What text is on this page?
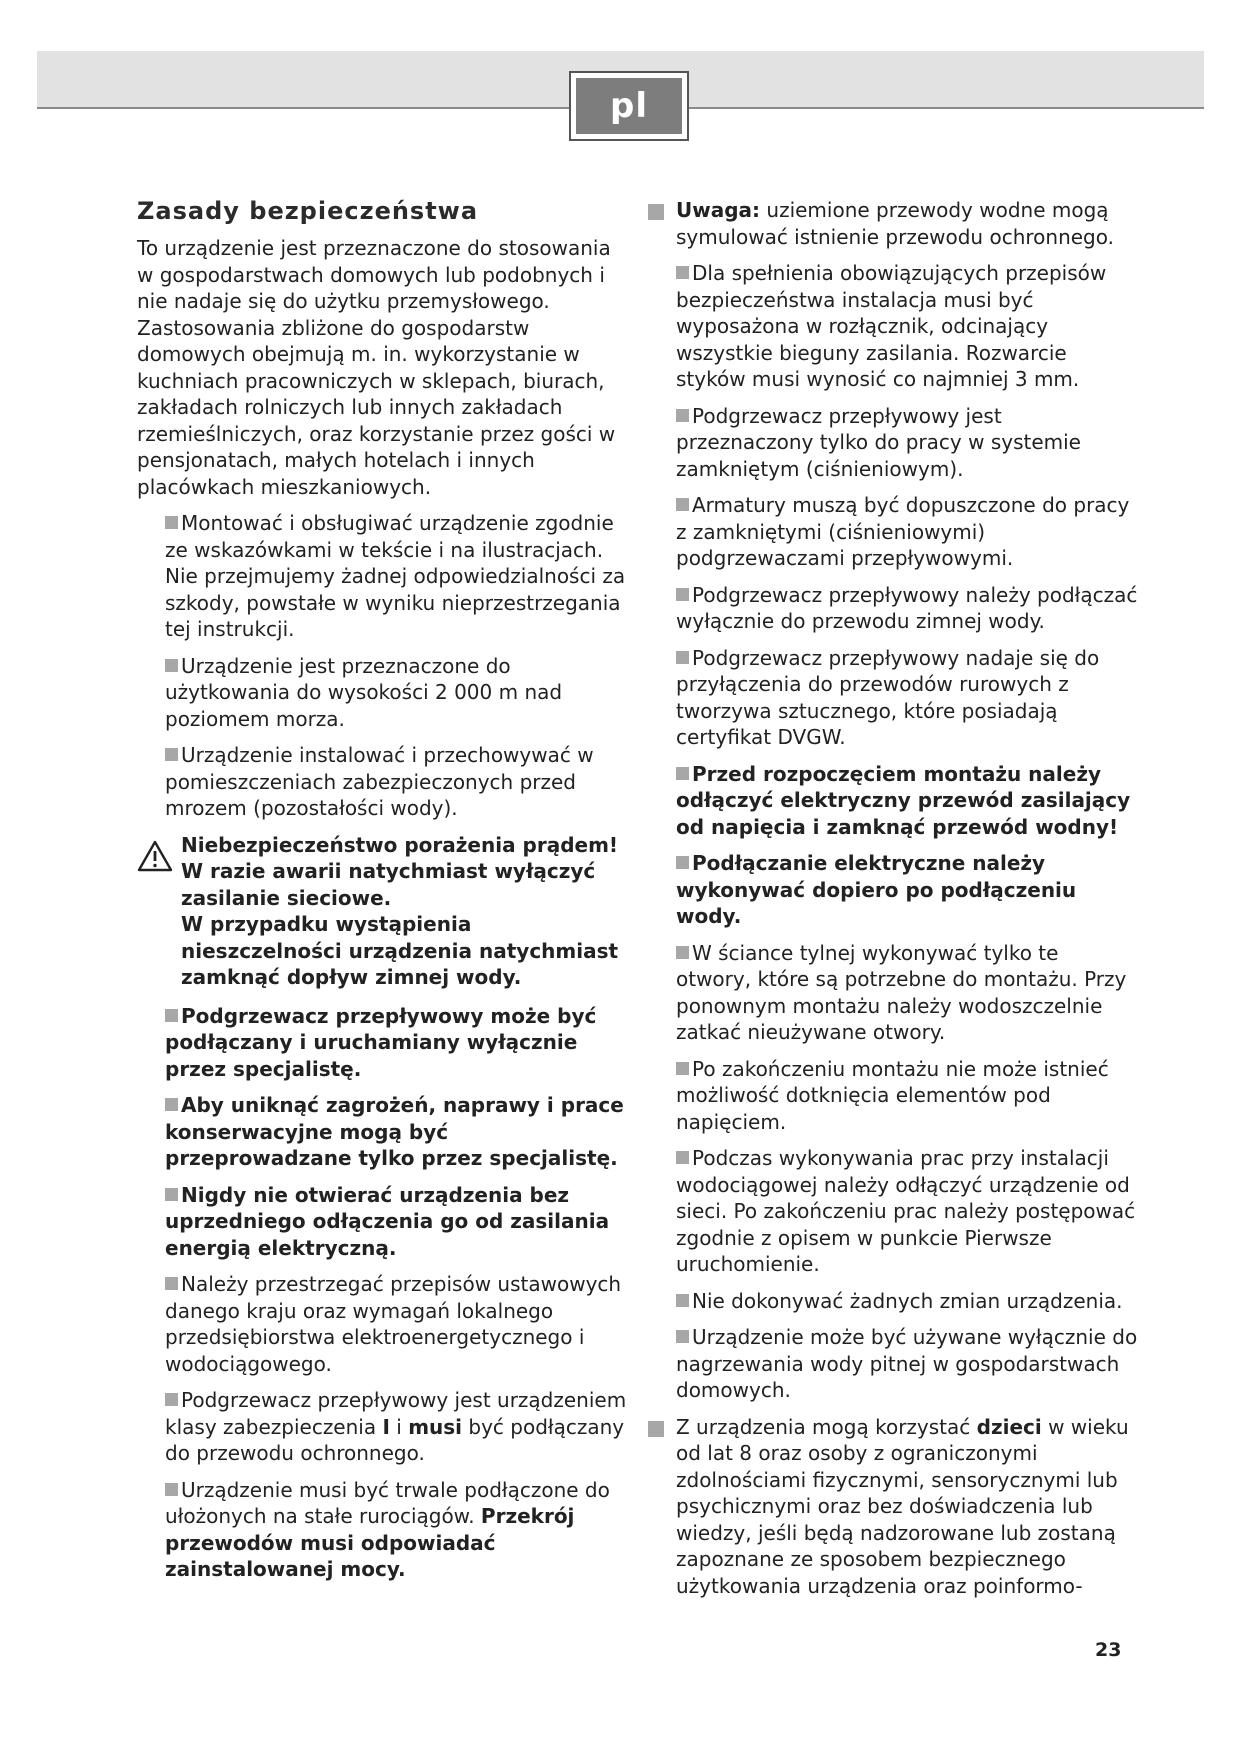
pl
Zasady bezpieczeństwa

To urządzenie jest przeznaczone do stosowania w gospodarstwach domowych lub podobnych i nie nadaje się do użytku przemysłowego. Zastosowania zbliżone do gospodarstw domowych obejmują m. in. wykorzystanie w kuchniach pracowniczych w sklepach, biurach, zakładach rolniczych lub innych zakładach rzemieślniczych, oraz korzystanie przez gości w pensjonatach, małych hotelach i innych placówkach mieszkaniowych.

Montować i obsługiwać urządzenie zgodnie ze wskazówkami w tekście i na ilustracjach. Nie przejmujemy żadnej odpowiedzialności za szkody, powstałe w wyniku nieprzestrzegania tej instrukcji.

Urządzenie jest przeznaczone do użytkowania do wysokości 2 000 m nad poziomem morza.

Urządzenie instalować i przechowywać w pomieszczeniach zabezpieczonych przed mrozem (pozostałości wody).

Niebezpieczeństwo porażenia prądem!

W razie awarii natychmiast wyłączyć zasilanie sieciowe.

W przypadku wystąpienia nieszczelności urządzenia natychmiast zamknąć dopływ zimnej wody.

Podgrzewacz przepływowy może być podłączany i uruchamiany wyłącznie przez specjalistę.

Aby uniknąć zagrożeń, naprawy i prace konserwacyjne mogą być przeprowadzane tylko przez specjalistę.

Nigdy nie otwierać urządzenia bez uprzedniego odłączenia go od zasilania energią elektryczną.

Należy przestrzegać przepisów ustawowych danego kraju oraz wymagań lokalnego przedsiębiorstwa elektroenergetycznego i wodociągowego.

Podgrzewacz przepływowy jest urządzeniem klasy zabezpieczenia I i musi być podłączany do przewodu ochronnego.

Urządzenie musi być trwale podłączone do ułożonych na stałe rurociągów. Przekrój przewodów musi odpowiadać zainstalowanej mocy.

Uwaga: uziemione przewody wodne mogą symulować istnienie przewodu ochronnego.

Dla spełnienia obowiązujących przepisów bezpieczeństwa instalacja musi być wyposażona w rozłącznik, odcinający wszystkie bieguny zasilania. Rozwarcie styków musi wynosić co najmniej 3 mm.

Podgrzewacz przepływowy jest przeznaczony tylko do pracy w systemie zamkniętym (ciśnieniowym).

Armatury muszą być dopuszczone do pracy z zamkniętymi (ciśnieniowymi) podgrzewaczami przepływowymi.

Podgrzewacz przepływowy należy podłączać wyłącznie do przewodu zimnej wody.

Podgrzewacz przepływowy nadaje się do przyłączenia do przewodów rurowych z tworzywa sztucznego, które posiadają certyfikat DVGW.

Przed rozpoczęciem montażu należy odłączyć elektryczny przewód zasilający od napięcia i zamknąć przewód wodny!

Podłączanie elektryczne należy wykonywać dopiero po podłączeniu wody.

W ściance tylnej wykonywać tylko te otwory, które są potrzebne do montażu. Przy ponownym montażu należy wodoszczelnie zatkać nieużywane otwory.

Po zakończeniu montażu nie może istnieć możliwość dotknięcia elementów pod napięciem.

Podczas wykonywania prac przy instalacji wodociągowej należy odłączyć urządzenie od sieci. Po zakończeniu prac należy postępować zgodnie z opisem w punkcie Pierwsze uruchomienie.

Nie dokonywać żadnych zmian urządzenia.

Urządzenie może być używane wyłącznie do nagrzewania wody pitnej w gospodarstwach domowych.

Z urządzenia mogą korzystać dzieci w wieku od lat 8 oraz osoby z ograniczonymi zdolnościami fizycznymi, sensorycznymi lub psychicznymi oraz bez doświadczenia lub wiedzy, jeśli będą nadzorowane lub zostaną zapoznane ze sposobem bezpiecznego użytkowania urządzenia oraz poinformo-

23
